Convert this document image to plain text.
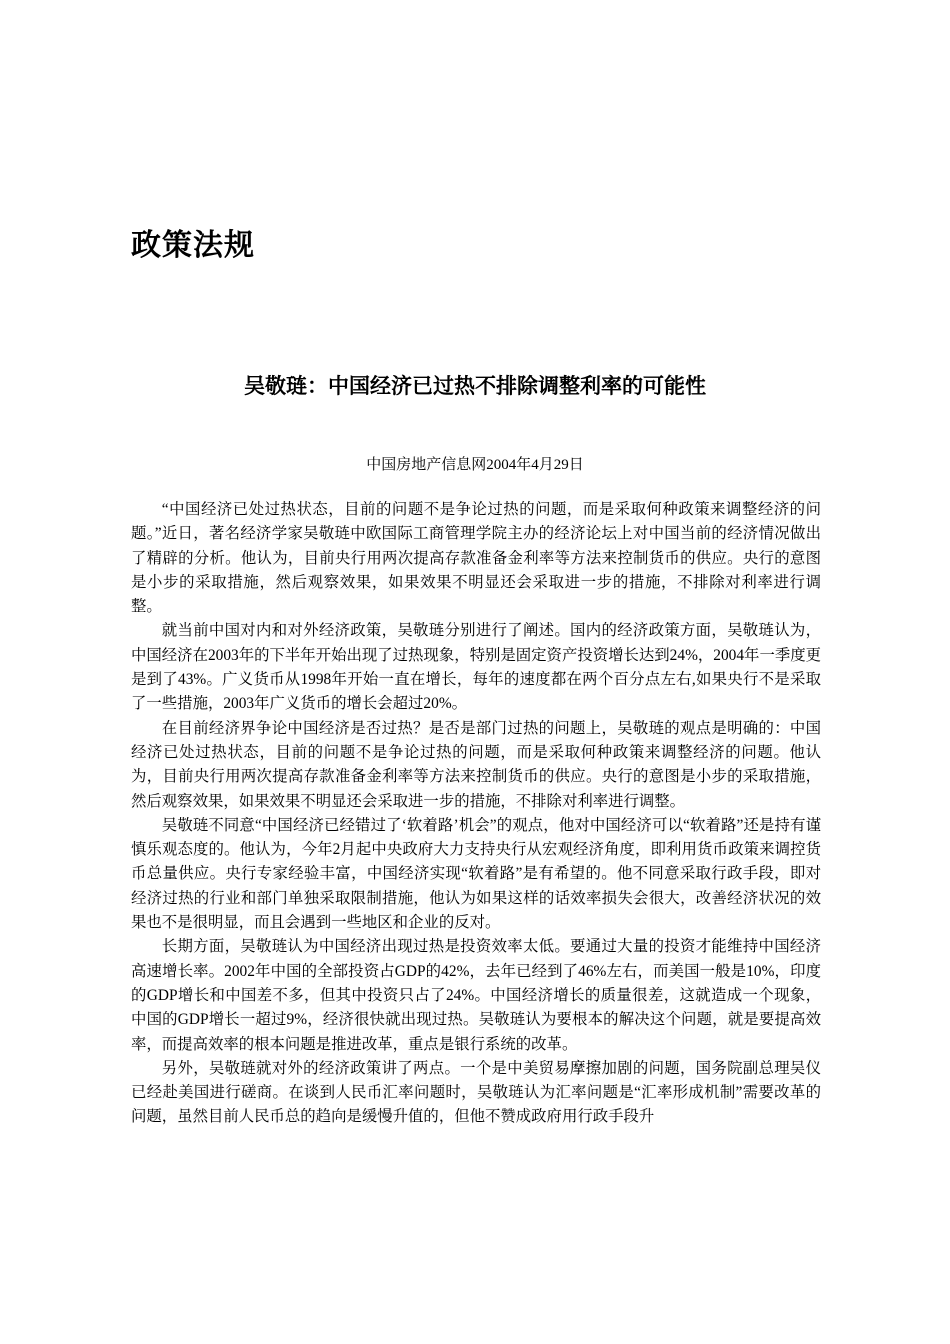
政策法规
吴敬琏：中国经济已过热不排除调整利率的可能性

中国房地产信息网2004年4月29日

“中国经济已处过热状态，目前的问题不是争论过热的问题，而是采取何种政策来调整经济的问题。”近日，著名经济学家吴敬琏中欧国际工商管理学院主办的经济论坛上对中国当前的经济情况做出了精辟的分析。他认为，目前央行用两次提高存款准备金利率等方法来控制货币的供应。央行的意图是小步的采取措施，然后观察效果，如果效果不明显还会采取进一步的措施，不排除对利率进行调整。

就当前中国对内和对外经济政策，吴敬琏分别进行了阐述。国内的经济政策方面，吴敬琏认为，中国经济在2003年的下半年开始出现了过热现象，特别是固定资产投资增长达到24%，2004年一季度更是到了43%。广义货币从1998年开始一直在增长，每年的速度都在两个百分点左右,如果央行不是采取了一些措施，2003年广义货币的增长会超过20%。

在目前经济界争论中国经济是否过热？是否是部门过热的问题上，吴敬琏的观点是明确的：中国经济已处过热状态，目前的问题不是争论过热的问题，而是采取何种政策来调整经济的问题。他认为，目前央行用两次提高存款准备金利率等方法来控制货币的供应。央行的意图是小步的采取措施，然后观察效果，如果效果不明显还会采取进一步的措施，不排除对利率进行调整。

吴敬琏不同意“中国经济已经错过了‘软着路’机会”的观点，他对中国经济可以“软着路”还是持有谨慎乐观态度的。他认为，今年2月起中央政府大力支持央行从宏观经济角度，即利用货币政策来调控货币总量供应。央行专家经验丰富，中国经济实现“软着路”是有希望的。他不同意采取行政手段，即对经济过热的行业和部门单独采取限制措施，他认为如果这样的话效率损失会很大，改善经济状况的效果也不是很明显，而且会遇到一些地区和企业的反对。

长期方面，吴敬琏认为中国经济出现过热是投资效率太低。要通过大量的投资才能维持中国经济高速增长率。2002年中国的全部投资占GDP的42%，去年已经到了46%左右，而美国一般是10%，印度的GDP增长和中国差不多，但其中投资只占了24%。中国经济增长的质量很差，这就造成一个现象，中国的GDP增长一超过9%，经济很快就出现过热。吴敬琏认为要根本的解决这个问题，就是要提高效率，而提高效率的根本问题是推进改革，重点是银行系统的改革。

另外，吴敬琏就对外的经济政策讲了两点。一个是中美贸易摩擦加剧的问题，国务院副总理吴仪已经赴美国进行磋商。在谈到人民币汇率问题时，吴敬琏认为汇率问题是“汇率形成机制”需要改革的问题，虽然目前人民币总的趋向是缓慢升值的，但他不赞成政府用行政手段升
